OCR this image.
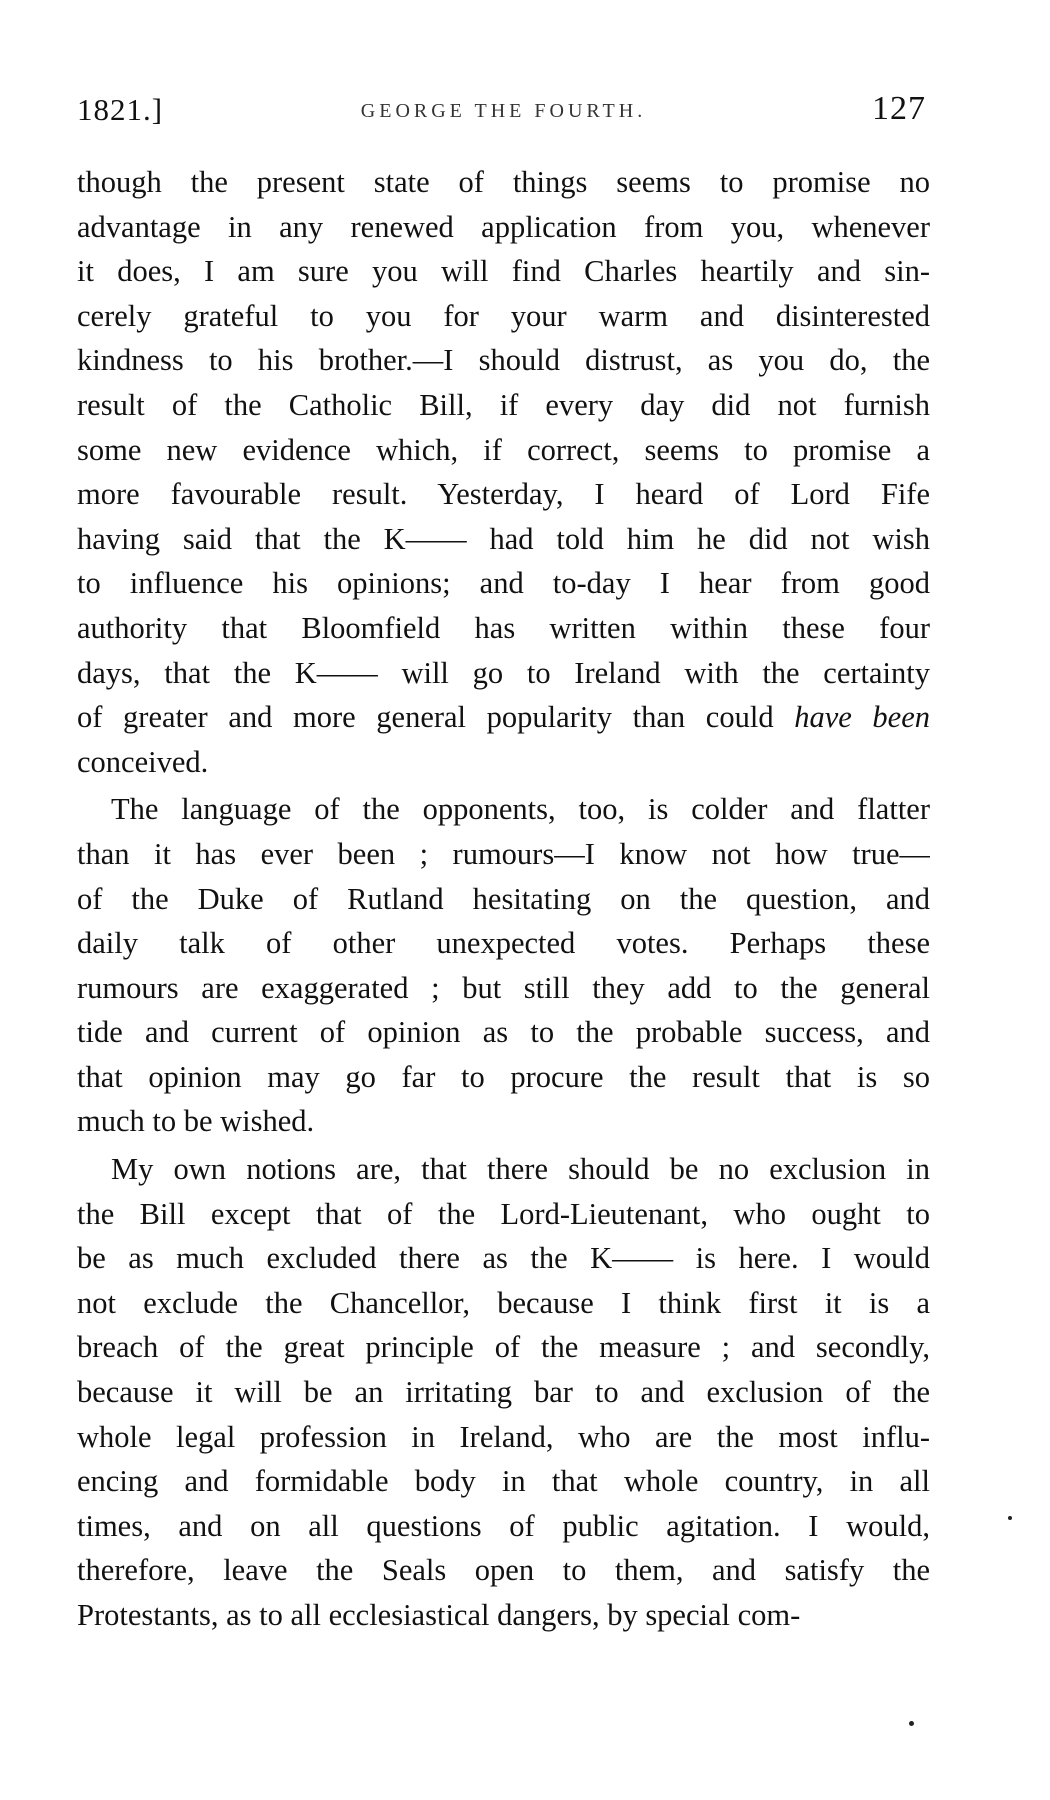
1821.]	GEORGE THE FOURTH.	127
though the present state of things seems to promise no
advantage in any renewed application from you, whenever
it does, I am sure you will find Charles heartily and sin-
cerely grateful to you for your warm and disinterested
kindness to his brother.—I should distrust, as you do, the
result of the Catholic Bill, if every day did not furnish
some new evidence which, if correct, seems to promise a
more favourable result. Yesterday, I heard of Lord Fife
having said that the K—— had told him he did not wish
to influence his opinions; and to-day I hear from good
authority that Bloomfield has written within these four
days, that the K—— will go to Ireland with the certainty
of greater and more general popularity than could have been
conceived.
The language of the opponents, too, is colder and flatter
than it has ever been ; rumours—I know not how true—
of the Duke of Rutland hesitating on the question, and
daily talk of other unexpected votes. Perhaps these
rumours are exaggerated ; but still they add to the general
tide and current of opinion as to the probable success, and
that opinion may go far to procure the result that is so
much to be wished.
My own notions are, that there should be no exclusion in
the Bill except that of the Lord-Lieutenant, who ought to
be as much excluded there as the K—— is here. I would
not exclude the Chancellor, because I think first it is a
breach of the great principle of the measure ; and secondly,
because it will be an irritating bar to and exclusion of the
whole legal profession in Ireland, who are the most influ-
encing and formidable body in that whole country, in all
times, and on all questions of public agitation. I would,
therefore, leave the Seals open to them, and satisfy the
Protestants, as to all ecclesiastical dangers, by special com-
